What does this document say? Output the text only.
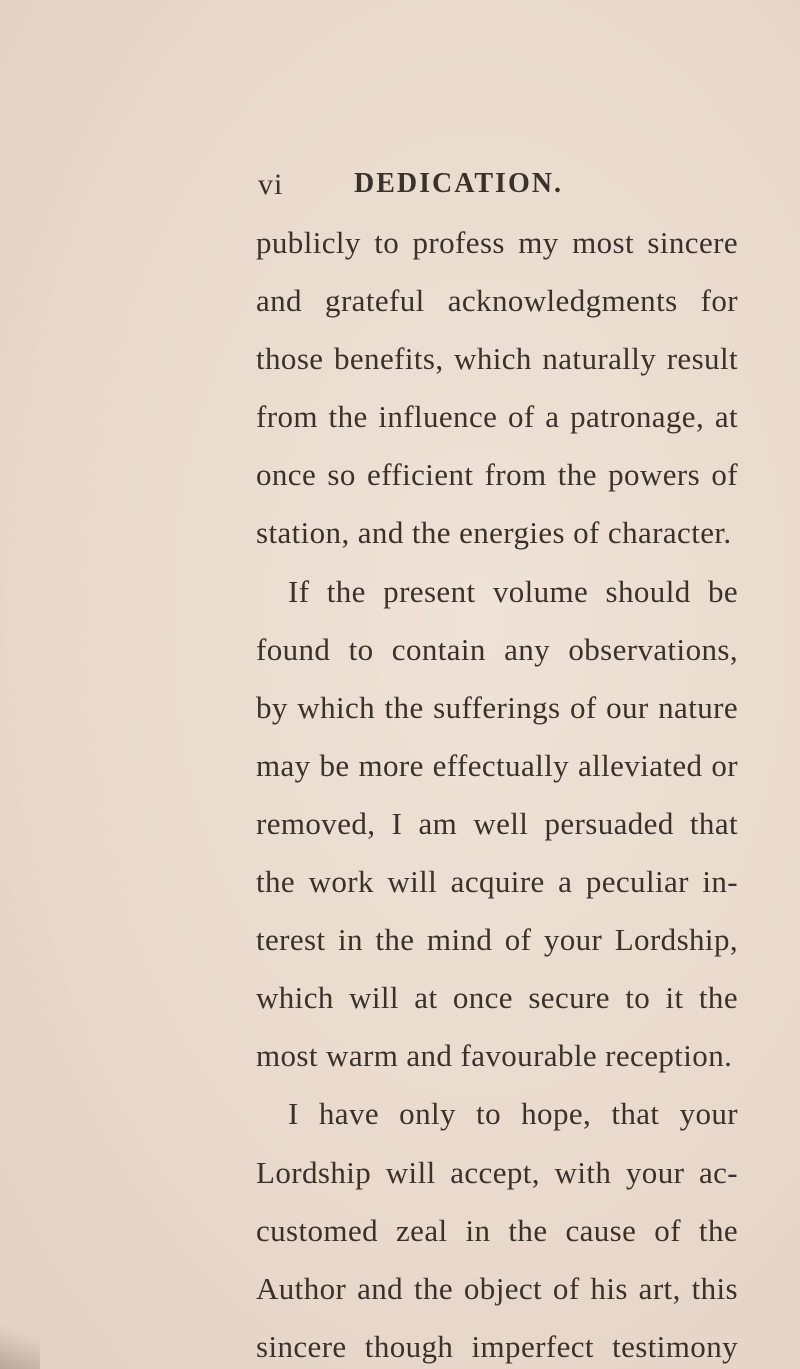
vi	DEDICATION.
publicly to profess my most sincere
and grateful acknowledgments for
those benefits, which naturally result
from the influence of a patronage, at
once so efficient from the powers of
station, and the energies of character.
If the present volume should be
found to contain any observations,
by which the sufferings of our nature
may be more effectually alleviated or
removed, I am well persuaded that
the work will acquire a peculiar in-
terest in the mind of your Lordship,
which will at once secure to it the
most warm and favourable reception.
I have only to hope, that your
Lordship will accept, with your ac-
customed zeal in the cause of the
Author and the object of his art, this
sincere though imperfect testimony
